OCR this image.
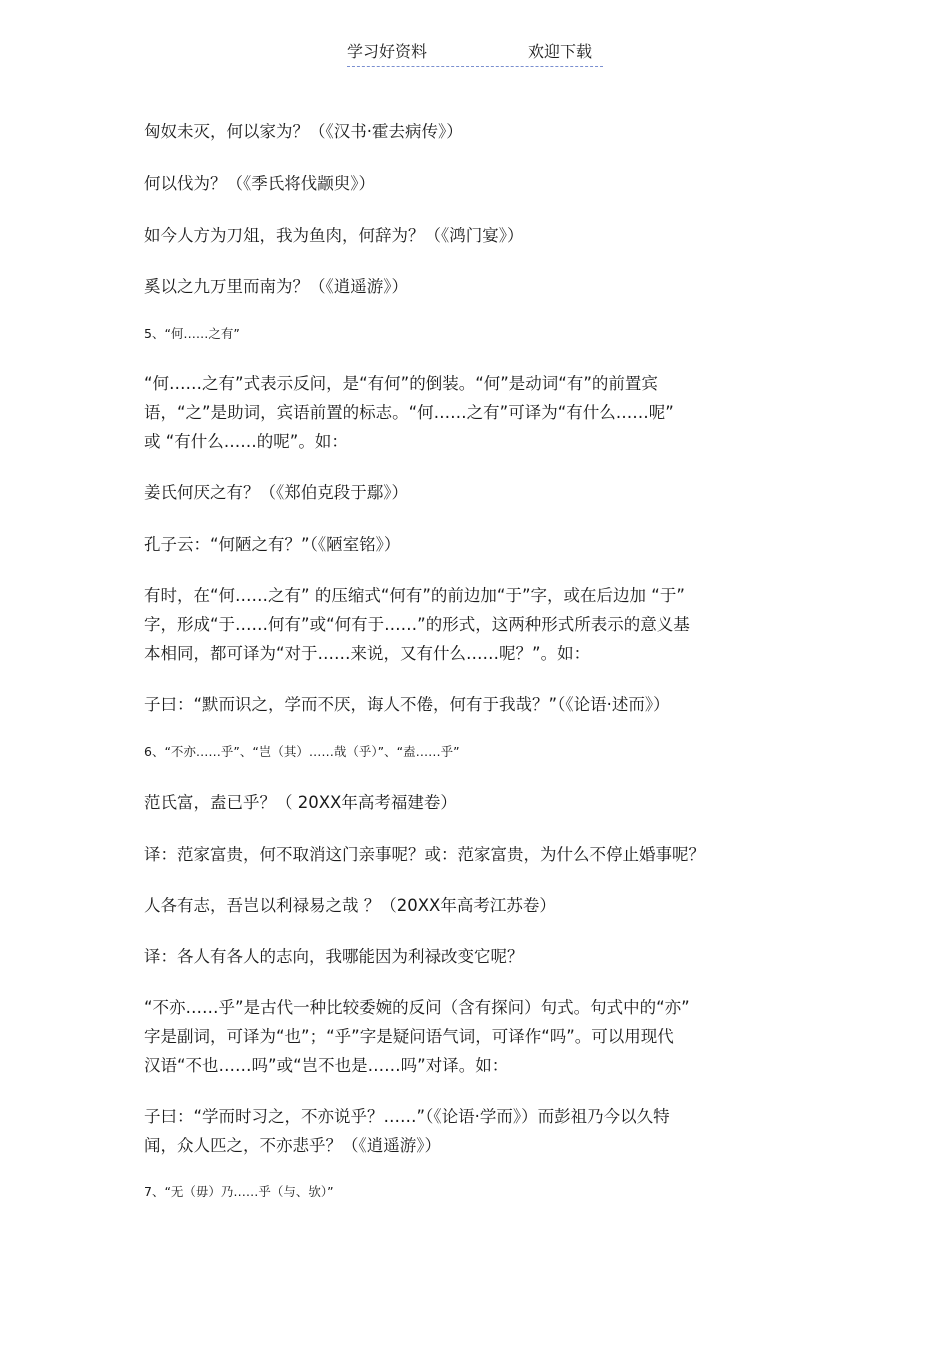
学习好资料	欢迎下载
匈奴未灭，何以家为？（《汉书·霍去病传》）
何以伐为？（《季氏将伐颛臾》）
如今人方为刀俎，我为鱼肉，何辞为？（《鸿门宴》）
奚以之九万里而南为？（《逍遥游》）
5、“何……之有”
“何……之有”式表示反问，是“有何”的倒装。“何”是动词“有”的前置宾
语，“之”是助词，宾语前置的标志。“何……之有”可译为“有什么……呢”
或 “有什么……的呢”。如：
姜氏何厌之有？（《郑伯克段于鄢》）
孔子云：“何陋之有？”（《陋室铭》）
有时，在“何……之有” 的压缩式“何有”的前边加“于”字，或在后边加 “于”
字，形成“于……何有”或“何有于……”的形式，这两种形式所表示的意义基
本相同，都可译为“对于……来说，又有什么……呢？”。如：
子曰：“默而识之，学而不厌，诲人不倦，何有于我哉？”（《论语·述而》）
6、“不亦……乎”、“岂（其）……哉（乎）”、“盍……乎”
范氏富，盍已乎？（ 20XX年高考福建卷）
译：范家富贵，何不取消这门亲事呢？或：范家富贵，为什么不停止婚事呢？
人各有志，吾岂以利禄易之哉 ？（20XX年高考江苏卷）
译：各人有各人的志向，我哪能因为利禄改变它呢？
“不亦……乎”是古代一种比较委婉的反问（含有探问）句式。句式中的“亦”
字是副词，可译为“也”；“乎”字是疑问语气词，可译作“吗”。可以用现代
汉语“不也……吗”或“岂不也是……吗”对译。如：
子曰：“学而时习之，不亦说乎？……”（《论语·学而》）而彭祖乃今以久特
闻，众人匹之，不亦悲乎？（《逍遥游》）
7、“无（毋）乃……乎（与、欤）”
